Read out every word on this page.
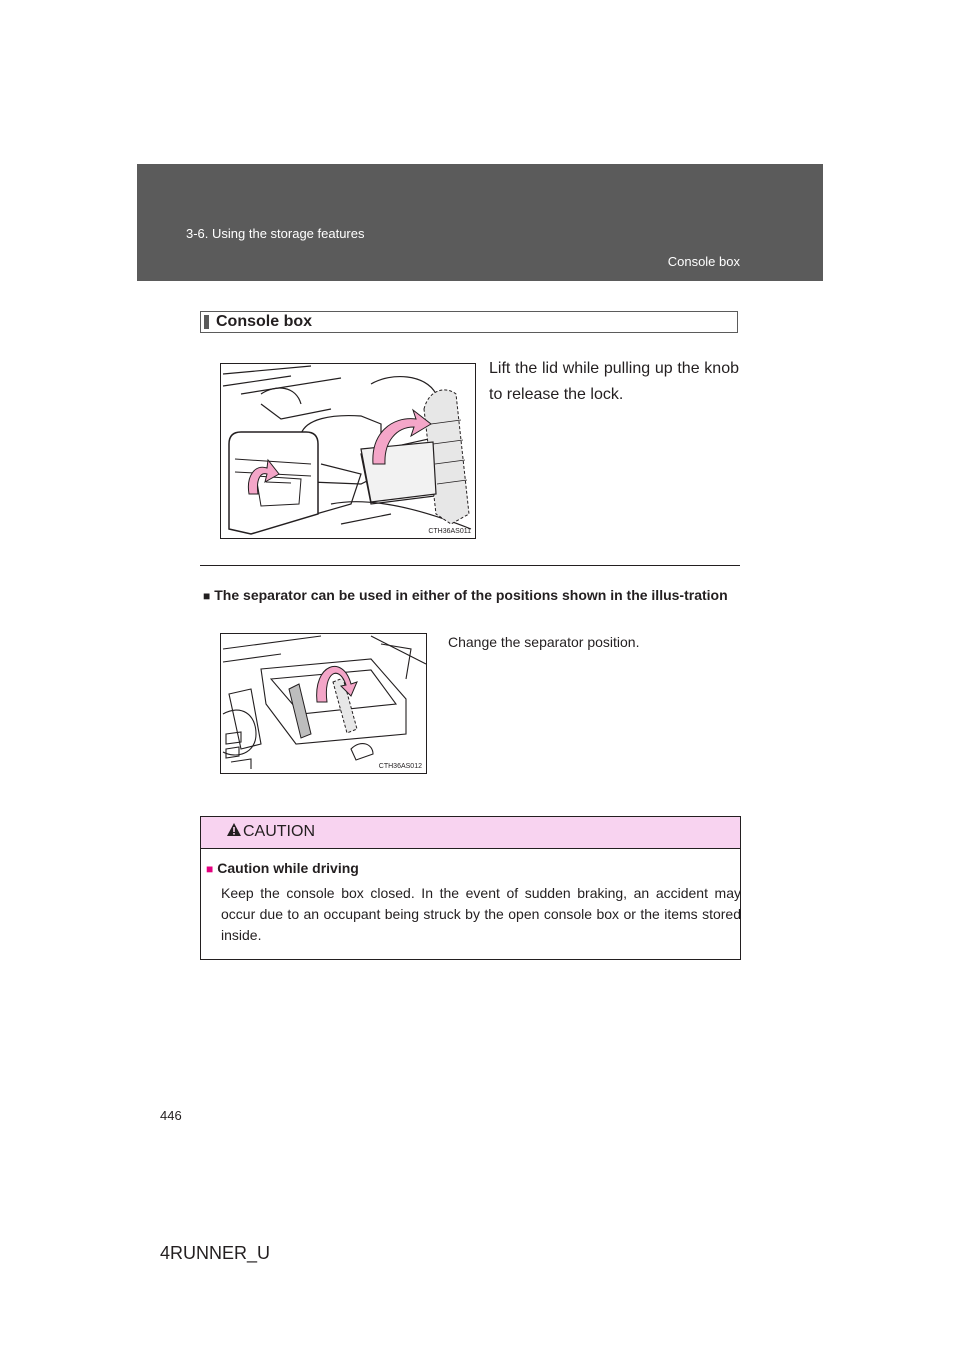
3-6. Using the storage features
Console box
Console box
CTH36AS011
Lift the lid while pulling up the knob to release the lock.
■ The separator can be used in either of the positions shown in the illus-tration
CTH36AS012
Change the separator position.
CAUTION
■ Caution while driving
Keep the console box closed. In the event of sudden braking, an accident may occur due to an occupant being struck by the open console box or the items stored inside.
446
4RUNNER_U
